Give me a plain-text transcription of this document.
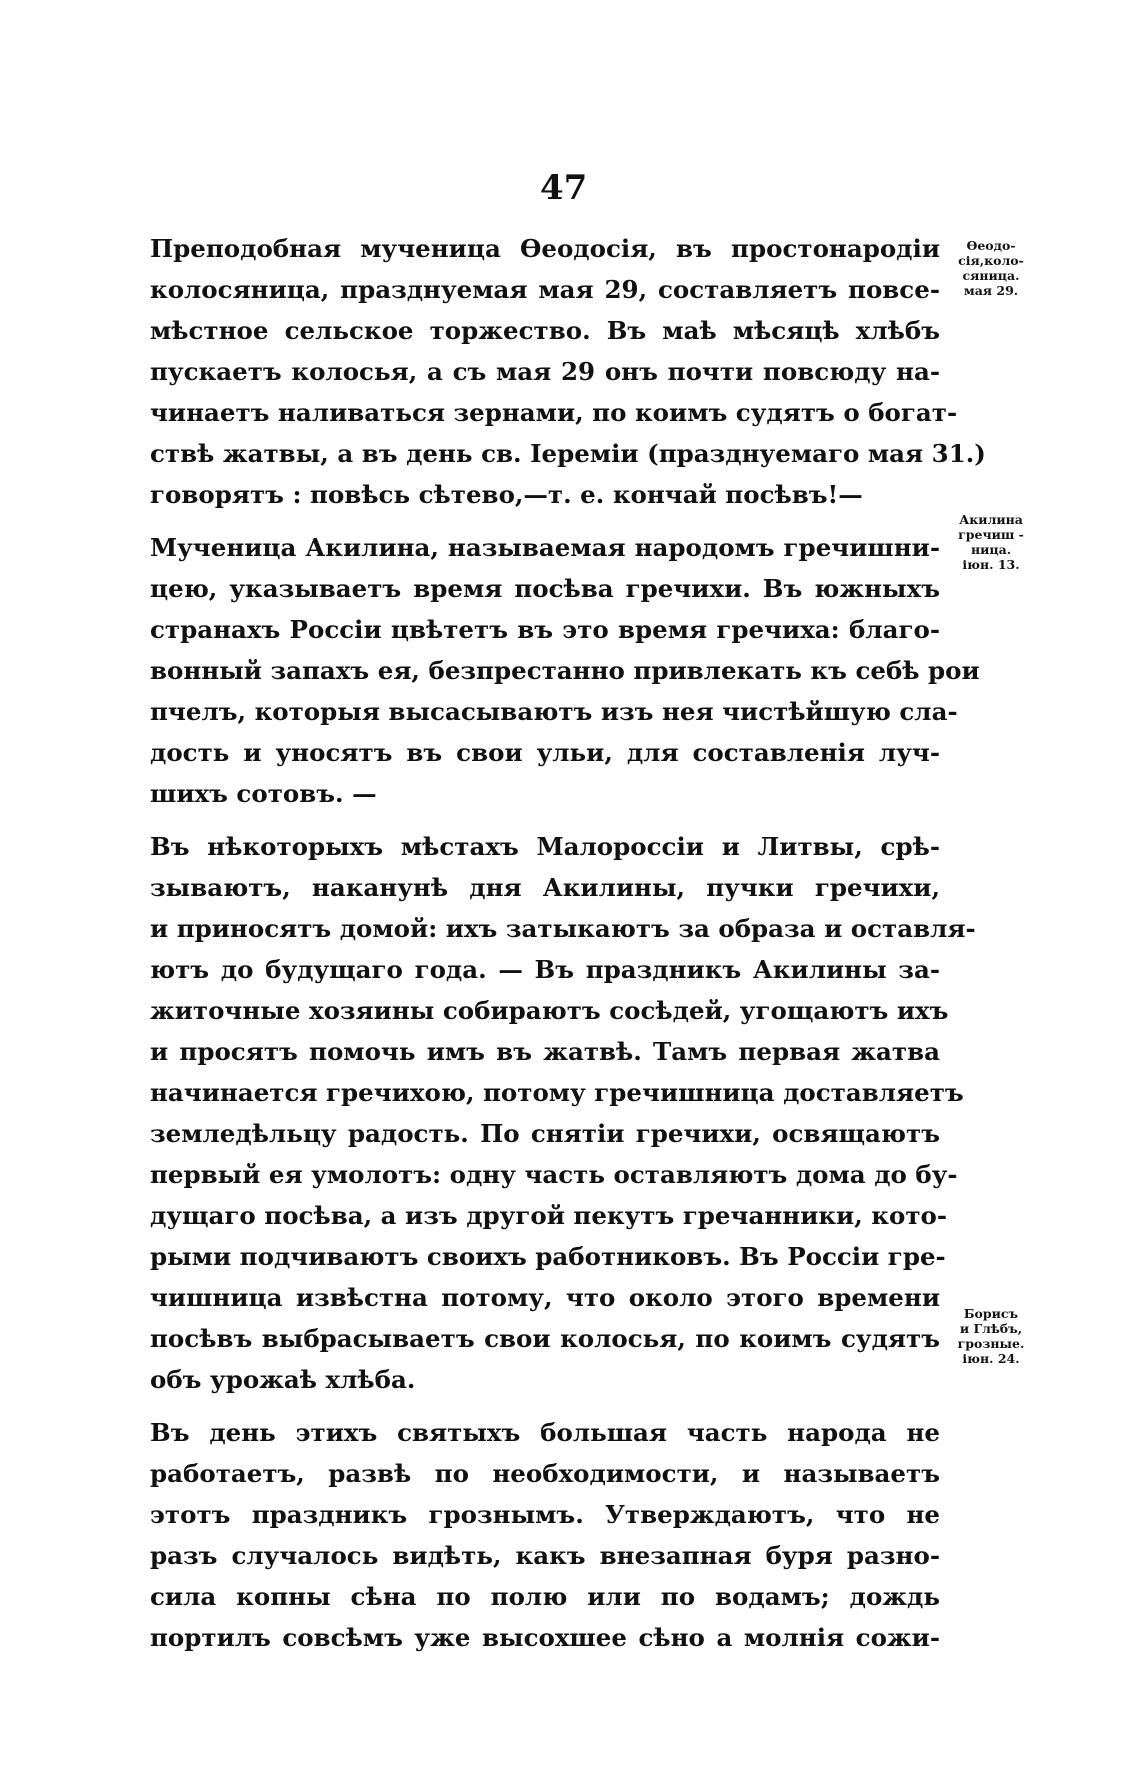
47
Преподобная мученица Өеодосія, въ простонародіи
колосяница, празднуемая мая 29, составляетъ повсе-
мѣстное сельское торжество. Въ маѣ мѣсяцѣ хлѣбъ
пускаетъ колосья, а съ мая 29 онъ почти повсюду на-
чинаетъ наливаться зернами, по коимъ судятъ о богат-
ствѣ жатвы, а въ день св. Іереміи (празднуемаго мая 31.)
говорятъ : повѣсь сѣтево,—т. е. кончай посѣвъ!—
Мученица Акилина, называемая народомъ гречишни-
цею, указываетъ время посѣва гречихи. Въ южныхъ
странахъ Россіи цвѣтетъ въ это время гречиха: благо-
вонный запахъ ея, безпрестанно привлекать къ себѣ рои
пчелъ, которыя высасываютъ изъ нея чистѣйшую сла-
дость и уносятъ въ свои ульи, для составленія луч-
шихъ сотовъ. —
Въ нѣкоторыхъ мѣстахъ Малороссіи и Литвы, срѣ-
зываютъ, наканунѣ дня Акилины, пучки гречихи,
и приносятъ домой: ихъ затыкаютъ за образа и оставля-
ютъ до будущаго года. — Въ праздникъ Акилины за-
житочные хозяины собираютъ сосѣдей, угощаютъ ихъ
и просятъ помочь имъ въ жатвѣ. Тамъ первая жатва
начинается гречихою, потому гречишница доставляетъ
земледѣльцу радость. По снятіи гречихи, освящаютъ
первый ея умолотъ: одну часть оставляютъ дома до бу-
дущаго посѣва, а изъ другой пекутъ гречанники, кото-
рыми подчиваютъ своихъ работниковъ. Въ Россіи гре-
чишница извѣстна потому, что около этого времени
посѣвъ выбрасываетъ свои колосья, по коимъ судятъ
объ урожаѣ хлѣба.
Въ день этихъ святыхъ большая часть народа не
работаетъ, развѣ по необходимости, и называетъ
этотъ праздникъ грознымъ. Утверждаютъ, что не
разъ случалось видѣть, какъ внезапная буря разно-
сила копны сѣна по полю или по водамъ; дождь
портилъ совсѣмъ уже высохшее сѣно а молнія сожи-
Өеодо-
сія,коло-
сяница.
мая 29.
Акилина
гречиш -
ница.
іюн. 13.
Борисъ
и Глѣбъ,
грозные.
іюн. 24.
